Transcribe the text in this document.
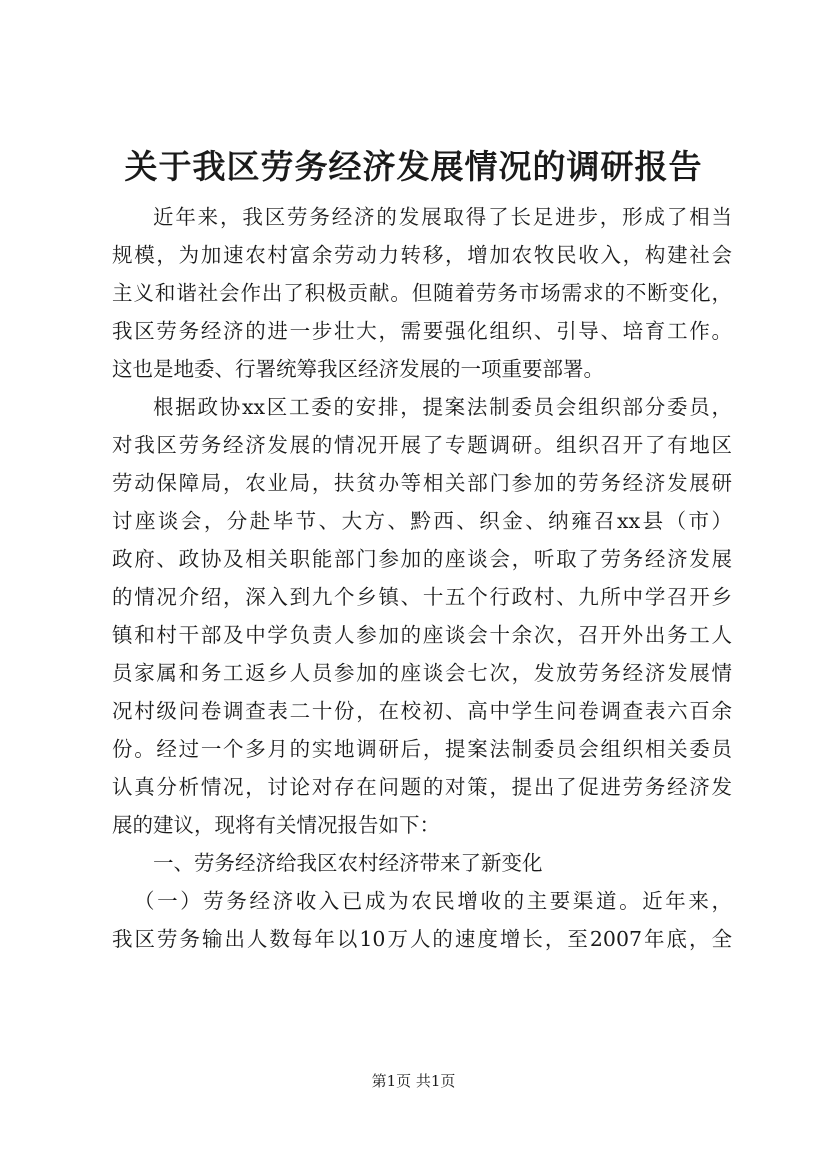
关于我区劳务经济发展情况的调研报告
近年来，我区劳务经济的发展取得了长足进步，形成了相当
规模，为加速农村富余劳动力转移，增加农牧民收入，构建社会
主义和谐社会作出了积极贡献。但随着劳务市场需求的不断变化，
我区劳务经济的进一步壮大，需要强化组织、引导、培育工作。
这也是地委、行署统筹我区经济发展的一项重要部署。
根据政协xx区工委的安排，提案法制委员会组织部分委员，
对我区劳务经济发展的情况开展了专题调研。组织召开了有地区
劳动保障局，农业局，扶贫办等相关部门参加的劳务经济发展研
讨座谈会，分赴毕节、大方、黔西、织金、纳雍召xx县（市）
政府、政协及相关职能部门参加的座谈会，听取了劳务经济发展
的情况介绍，深入到九个乡镇、十五个行政村、九所中学召开乡
镇和村干部及中学负责人参加的座谈会十余次，召开外出务工人
员家属和务工返乡人员参加的座谈会七次，发放劳务经济发展情
况村级问卷调查表二十份，在校初、高中学生问卷调查表六百余
份。经过一个多月的实地调研后，提案法制委员会组织相关委员
认真分析情况，讨论对存在问题的对策，提出了促进劳务经济发
展的建议，现将有关情况报告如下：
一、劳务经济给我区农村经济带来了新变化
（一）劳务经济收入已成为农民增收的主要渠道。近年来，
我区劳务输出人数每年以10万人的速度增长，至2007年底，全
第1页 共1页
